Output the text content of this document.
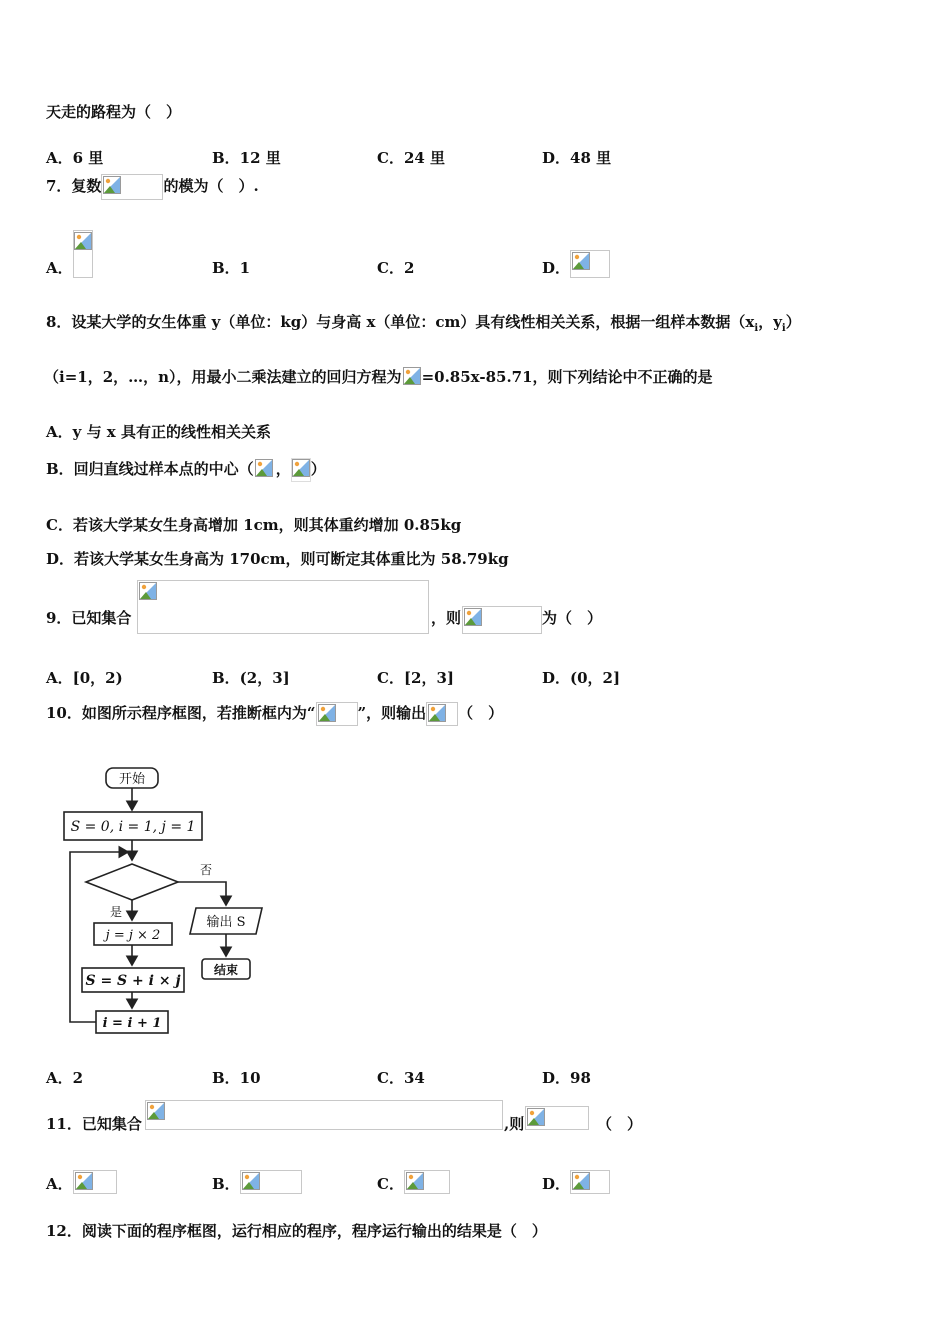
天走的路程为（　）
A．6 里	B．12 里	C．24 里	D．48 里
7．复数	的模为（　）.
A．	B．1	C．2	D．
8．设某大学的女生体重 y（单位：kg）与身高 x（单位：cm）具有线性相关关系，根据一组样本数据（$x_i$，$y_i$）
（i=1，2，…，n），用最小二乘法建立的回归方程为 =0.85x-85.71，则下列结论中不正确的是
A．y 与 x 具有正的线性相关关系
B．回归直线过样本点的中心（ ， ）
C．若该大学某女生身高增加 1cm，则其体重约增加 0.85kg
D．若该大学某女生身高为 170cm，则可断定其体重比为 58.79kg
9．已知集合	，则	为（　）
A．[0，2)	B．(2，3]	C．[2，3]	D．(0，2]
10．如图所示程序框图，若推断框内为“	”，则输出 （　）
开始
S = 0, i = 1, j = 1
否
是
输出 S
结束
j = j × 2
S = S + i × j
i = i + 1
A．2	B．10	C．34	D．98
11．已知集合	,则	（　）
A．	B．	C．	D．
12．阅读下面的程序框图，运行相应的程序，程序运行输出的结果是（　）
